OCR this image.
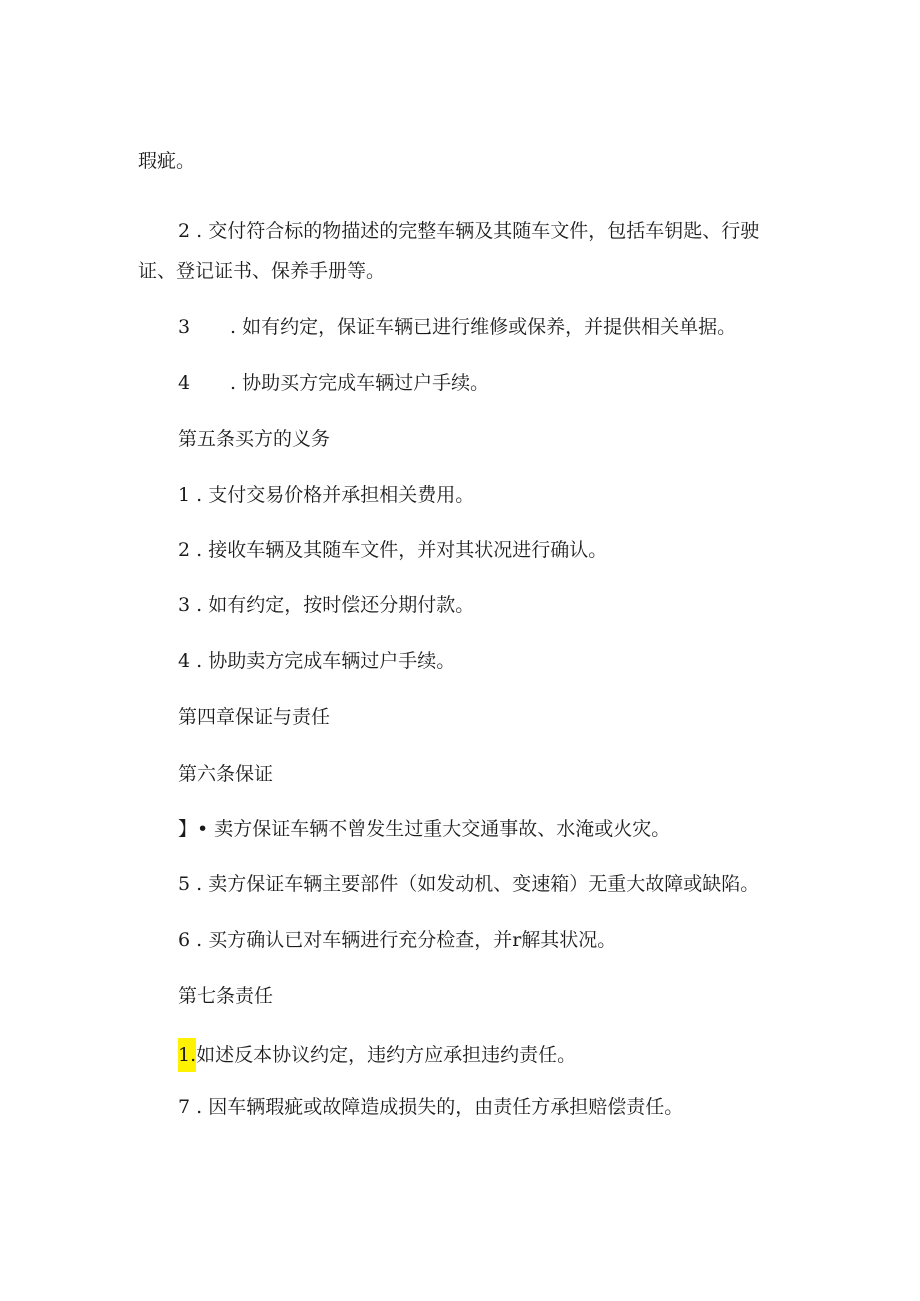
瑕疵。
2 . 交付符合标的物描述的完整车辆及其随车文件，包括车钥匙、行驶
证、登记证书、保养手册等。
3 . 如有约定，保证车辆已进行维修或保养，并提供相关单据。
4 . 协助买方完成车辆过户手续。
第五条买方的义务
1 . 支付交易价格并承担相关费用。
2 . 接收车辆及其随车文件，并对其状况进行确认。
3 . 如有约定，按时偿还分期付款。
4 . 协助卖方完成车辆过户手续。
第四章保证与责任
第六条保证
】• 卖方保证车辆不曾发生过重大交通事故、水淹或火灾。
5 . 卖方保证车辆主要部件（如发动机、变速箱）无重大故障或缺陷。
6 . 买方确认已对车辆进行充分检查，并r解其状况。
第七条责任
1.如述反本协议约定，违约方应承担违约责任。
7 . 因车辆瑕疵或故障造成损失的，由责任方承担赔偿责任。
